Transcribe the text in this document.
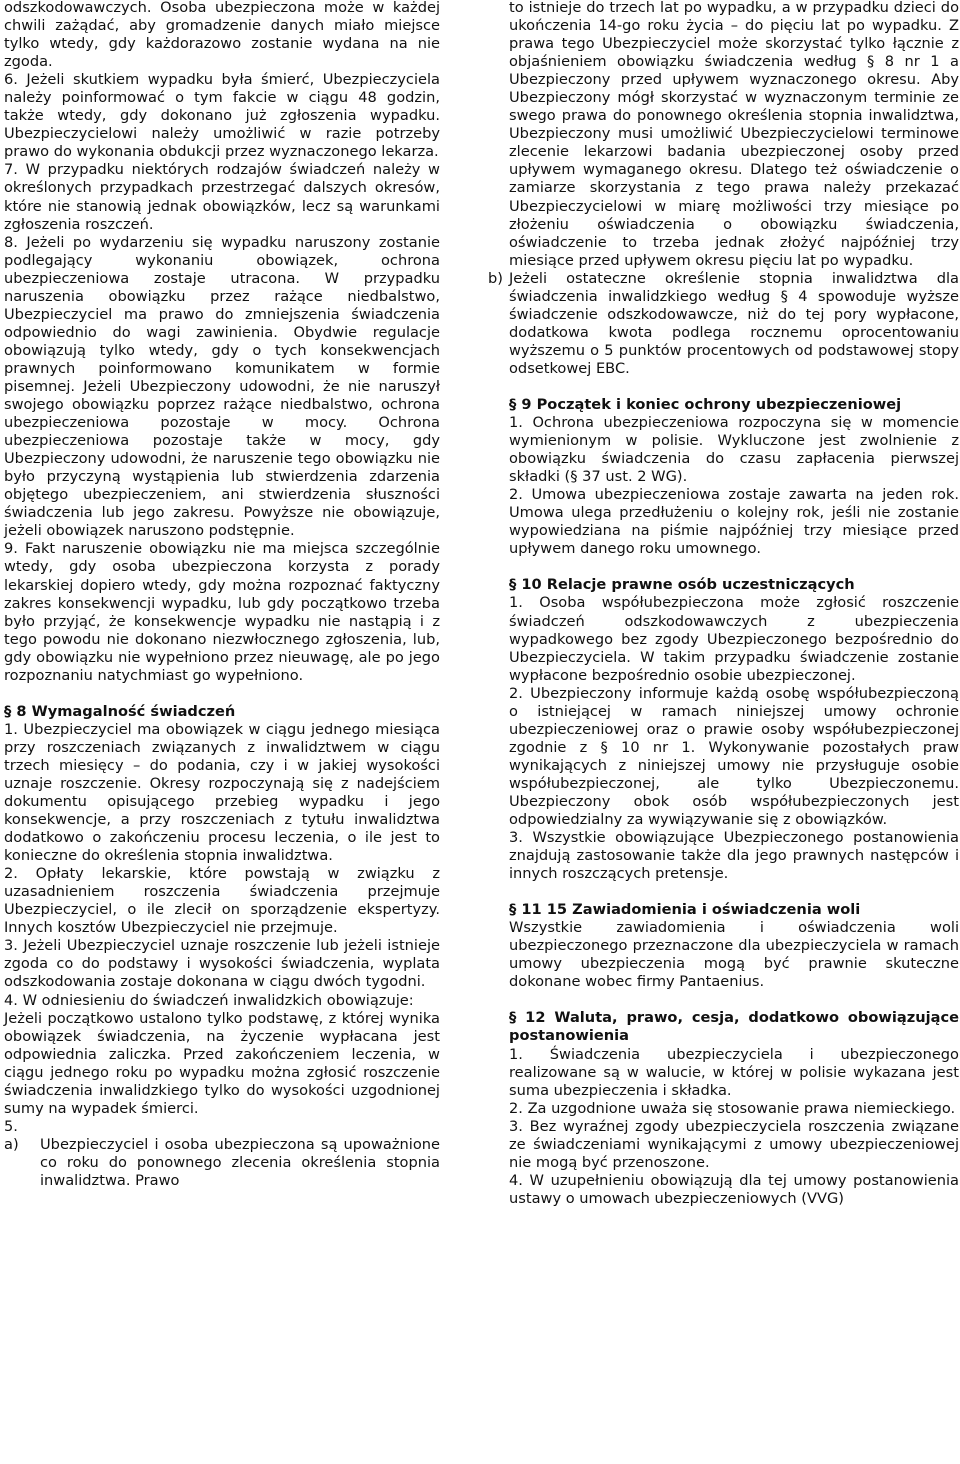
odszkodowawczych. Osoba ubezpieczona może w każdej chwili zażądać, aby gromadzenie danych miało miejsce tylko wtedy, gdy każdorazowo zostanie wydana na nie zgoda.

6. Jeżeli skutkiem wypadku była śmierć, Ubezpieczyciela należy poinformować o tym fakcie w ciągu 48 godzin, także wtedy, gdy dokonano już zgłoszenia wypadku. Ubezpieczycielowi należy umożliwić w razie potrzeby prawo do wykonania obdukcji przez wyznaczonego lekarza.

7. W przypadku niektórych rodzajów świadczeń należy w określonych przypadkach przestrzegać dalszych okresów, które nie stanowią jednak obowiązków, lecz są warunkami zgłoszenia roszczeń.

8. Jeżeli po wydarzeniu się wypadku naruszony zostanie podlegający wykonaniu obowiązek, ochrona ubezpieczeniowa zostaje utracona. W przypadku naruszenia obowiązku przez rażące niedbalstwo, Ubezpieczyciel ma prawo do zmniejszenia świadczenia odpowiednio do wagi zawinienia. Obydwie regulacje obowiązują tylko wtedy, gdy o tych konsekwencjach prawnych poinformowano komunikatem w formie pisemnej. Jeżeli Ubezpieczony udowodni, że nie naruszył swojego obowiązku poprzez rażące niedbalstwo, ochrona ubezpieczeniowa pozostaje w mocy. Ochrona ubezpieczeniowa pozostaje także w mocy, gdy Ubezpieczony udowodni, że naruszenie tego obowiązku nie było przyczyną wystąpienia lub stwierdzenia zdarzenia objętego ubezpieczeniem, ani stwierdzenia słuszności świadczenia lub jego zakresu. Powyższe nie obowiązuje, jeżeli obowiązek naruszono podstępnie.

9. Fakt naruszenie obowiązku nie ma miejsca szczególnie wtedy, gdy osoba ubezpieczona korzysta z porady lekarskiej dopiero wtedy, gdy można rozpoznać faktyczny zakres konsekwencji wypadku, lub gdy początkowo trzeba było przyjąć, że konsekwencje wypadku nie nastąpią i z tego powodu nie dokonano niezwłocznego zgłoszenia, lub, gdy obowiązku nie wypełniono przez nieuwagę, ale po jego rozpoznaniu natychmiast go wypełniono.

§ 8 Wymagalność świadczeń

1. Ubezpieczyciel ma obowiązek w ciągu jednego miesiąca przy roszczeniach związanych z inwalidztwem w ciągu trzech miesięcy – do podania, czy i w jakiej wysokości uznaje roszczenie. Okresy rozpoczynają się z nadejściem dokumentu opisującego przebieg wypadku i jego konsekwencje, a przy roszczeniach z tytułu inwalidztwa dodatkowo o zakończeniu procesu leczenia, o ile jest to konieczne do określenia stopnia inwalidztwa.

2. Opłaty lekarskie, które powstają w związku z uzasadnieniem roszczenia świadczenia przejmuje Ubezpieczyciel, o ile zlecił on sporządzenie ekspertyzy. Innych kosztów Ubezpieczyciel nie przejmuje.

3. Jeżeli Ubezpieczyciel uznaje roszczenie lub jeżeli istnieje zgoda co do podstawy i wysokości świadczenia, wyplata odszkodowania zostaje dokonana w ciągu dwóch tygodni.

4. W odniesieniu do świadczeń inwalidzkich obowiązuje:

Jeżeli początkowo ustalono tylko podstawę, z której wynika obowiązek świadczenia, na życzenie wypłacana jest odpowiednia zaliczka. Przed zakończeniem leczenia, w ciągu jednego roku po wypadku można zgłosić roszczenie świadczenia inwalidzkiego tylko do wysokości uzgodnionej sumy na wypadek śmierci.

5.

a) Ubezpieczyciel i osoba ubezpieczona są upoważnione co roku do ponownego zlecenia określenia stopnia inwalidztwa. Prawo

to istnieje do trzech lat po wypadku, a w przypadku dzieci do ukończenia 14-go roku życia – do pięciu lat po wypadku. Z prawa tego Ubezpieczyciel może skorzystać tylko łącznie z objaśnieniem obowiązku świadczenia według § 8 nr 1 a Ubezpieczony przed upływem wyznaczonego okresu. Aby Ubezpieczony mógł skorzystać w wyznaczonym terminie ze swego prawa do ponownego określenia stopnia inwalidztwa, Ubezpieczony musi umożliwić Ubezpieczycielowi terminowe zlecenie lekarzowi badania ubezpieczonej osoby przed upływem wymaganego okresu. Dlatego też oświadczenie o zamiarze skorzystania z tego prawa należy przekazać Ubezpieczycielowi w miarę możliwości trzy miesiące po złożeniu oświadczenia o obowiązku świadczenia, oświadczenie to trzeba jednak złożyć najpóźniej trzy miesiące przed upływem okresu pięciu lat po wypadku.

b) Jeżeli ostateczne określenie stopnia inwalidztwa dla świadczenia inwalidzkiego według § 4 spowoduje wyższe świadczenie odszkodowawcze, niż do tej pory wypłacone, dodatkowa kwota podlega rocznemu oprocentowaniu wyższemu o 5 punktów procentowych od podstawowej stopy odsetkowej EBC.

§ 9 Początek i koniec ochrony ubezpieczeniowej

1. Ochrona ubezpieczeniowa rozpoczyna się w momencie wymienionym w polisie. Wykluczone jest zwolnienie z obowiązku świadczenia do czasu zapłacenia pierwszej składki (§ 37 ust. 2 WG).

2. Umowa ubezpieczeniowa zostaje zawarta na jeden rok. Umowa ulega przedłużeniu o kolejny rok, jeśli nie zostanie wypowiedziana na piśmie najpóźniej trzy miesiące przed upływem danego roku umownego.

§ 10 Relacje prawne osób uczestniczących

1. Osoba współubezpieczona może zgłosić roszczenie świadczeń odszkodowawczych z ubezpieczenia wypadkowego bez zgody Ubezpieczonego bezpośrednio do Ubezpieczyciela. W takim przypadku świadczenie zostanie wypłacone bezpośrednio osobie ubezpieczonej.

2. Ubezpieczony informuje każdą osobę współubezpieczoną o istniejącej w ramach niniejszej umowy ochronie ubezpieczeniowej oraz o prawie osoby współubezpieczonej zgodnie z § 10 nr 1. Wykonywanie pozostałych praw wynikających z niniejszej umowy nie przysługuje osobie współubezpieczonej, ale tylko Ubezpieczonemu. Ubezpieczony obok osób współubezpieczonych jest odpowiedzialny za wywiązywanie się z obowiązków.

3. Wszystkie obowiązujące Ubezpieczonego postanowienia znajdują zastosowanie także dla jego prawnych następców i innych roszczących pretensje.

§ 11 15 Zawiadomienia i oświadczenia woli

Wszystkie zawiadomienia i oświadczenia woli ubezpieczonego przeznaczone dla ubezpieczyciela w ramach umowy ubezpieczenia mogą być prawnie skuteczne dokonane wobec firmy Pantaenius.

§ 12 Waluta, prawo, cesja, dodatkowo obowiązujące postanowienia

1. Świadczenia ubezpieczyciela i ubezpieczonego realizowane są w walucie, w której w polisie wykazana jest suma ubezpieczenia i składka.

2. Za uzgodnione uważa się stosowanie prawa niemieckiego.

3. Bez wyraźnej zgody ubezpieczyciela roszczenia związane ze świadczeniami wynikającymi z umowy ubezpieczeniowej nie mogą być przenoszone.

4. W uzupełnieniu obowiązują dla tej umowy postanowienia ustawy o umowach ubezpieczeniowych (VVG)
